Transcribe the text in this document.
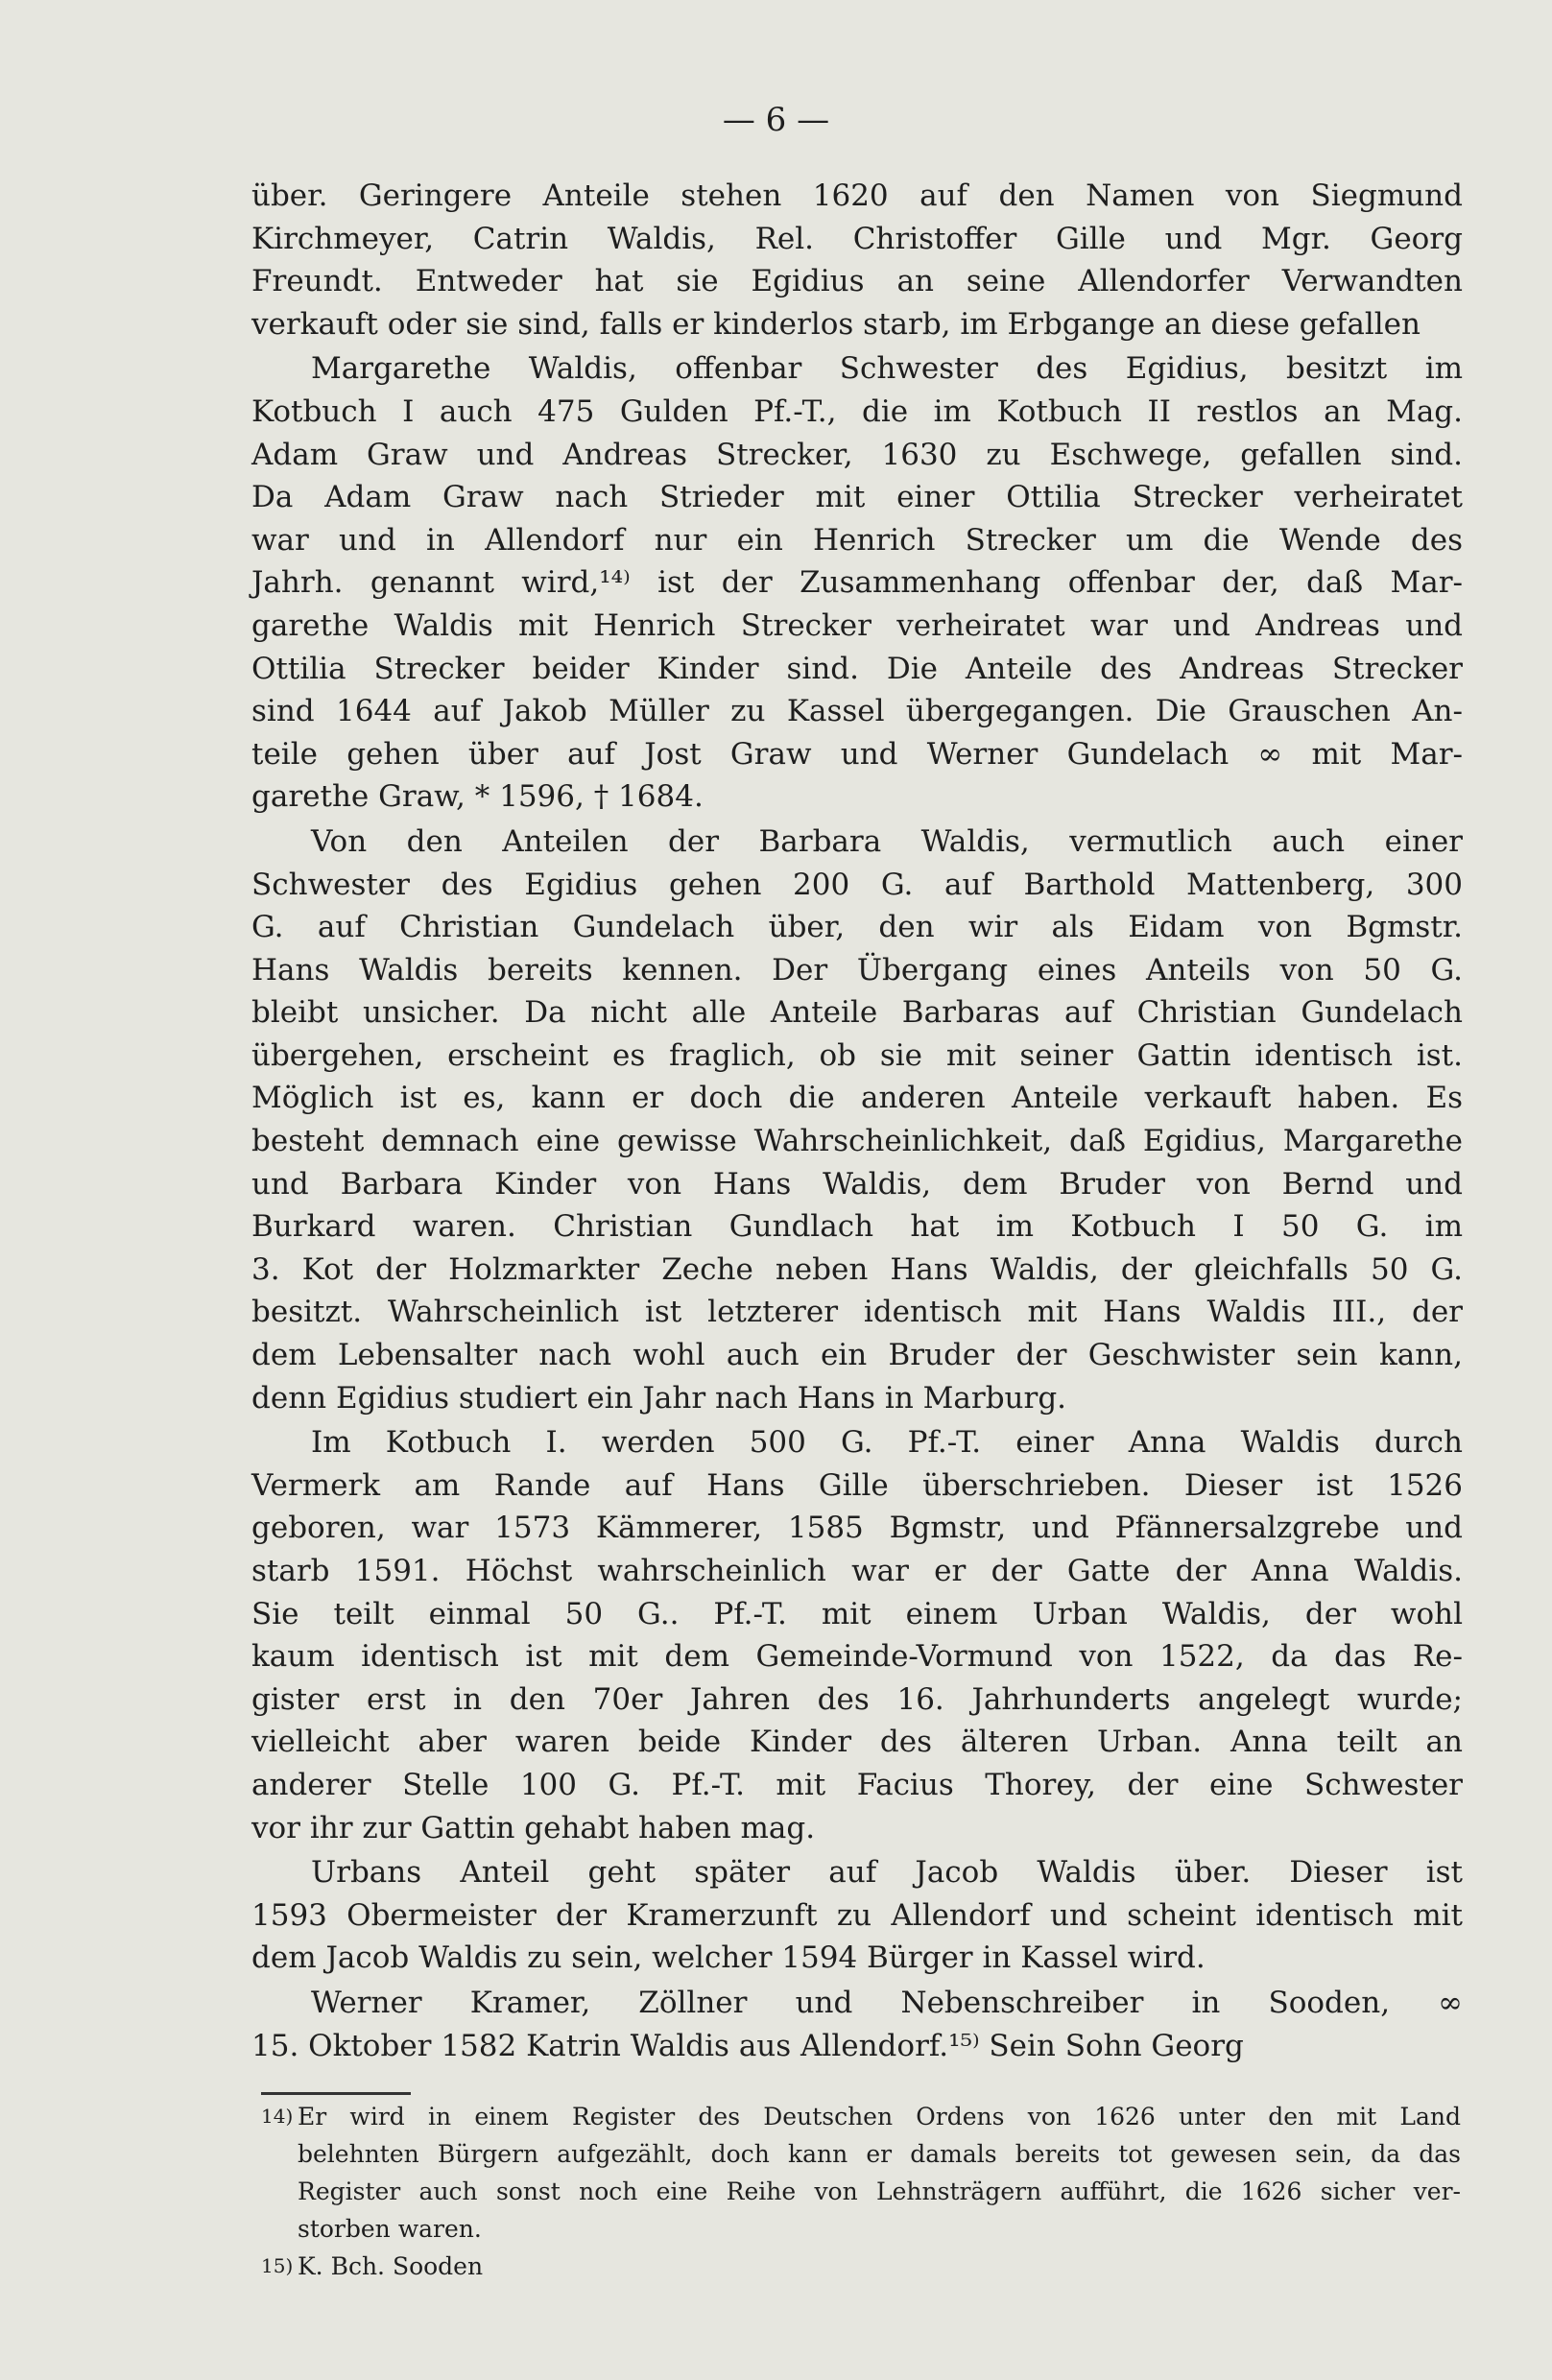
— 6 —
über. Geringere Anteile stehen 1620 auf den Namen von Siegmund
Kirchmeyer, Catrin Waldis, Rel. Christoffer Gille und Mgr. Georg
Freundt. Entweder hat sie Egidius an seine Allendorfer Verwandten
verkauft oder sie sind, falls er kinderlos starb, im Erbgange an diese gefallen
Margarethe Waldis, offenbar Schwester des Egidius, besitzt im
Kotbuch I auch 475 Gulden Pf.-T., die im Kotbuch II restlos an Mag.
Adam Graw und Andreas Strecker, 1630 zu Eschwege, gefallen sind.
Da Adam Graw nach Strieder mit einer Ottilia Strecker verheiratet
war und in Allendorf nur ein Henrich Strecker um die Wende des
Jahrh. genannt wird,¹⁴⁾ ist der Zusammenhang offenbar der, daß Mar-
garethe Waldis mit Henrich Strecker verheiratet war und Andreas und
Ottilia Strecker beider Kinder sind. Die Anteile des Andreas Strecker
sind 1644 auf Jakob Müller zu Kassel übergegangen. Die Grauschen An-
teile gehen über auf Jost Graw und Werner Gundelach ∞ mit Mar-
garethe Graw, * 1596, † 1684.
Von den Anteilen der Barbara Waldis, vermutlich auch einer
Schwester des Egidius gehen 200 G. auf Barthold Mattenberg, 300
G. auf Christian Gundelach über, den wir als Eidam von Bgmstr.
Hans Waldis bereits kennen. Der Übergang eines Anteils von 50 G.
bleibt unsicher. Da nicht alle Anteile Barbaras auf Christian Gundelach
übergehen, erscheint es fraglich, ob sie mit seiner Gattin identisch ist.
Möglich ist es, kann er doch die anderen Anteile verkauft haben. Es
besteht demnach eine gewisse Wahrscheinlichkeit, daß Egidius, Margarethe
und Barbara Kinder von Hans Waldis, dem Bruder von Bernd und
Burkard waren. Christian Gundlach hat im Kotbuch I 50 G. im
3. Kot der Holzmarkter Zeche neben Hans Waldis, der gleichfalls 50 G.
besitzt. Wahrscheinlich ist letzterer identisch mit Hans Waldis III., der
dem Lebensalter nach wohl auch ein Bruder der Geschwister sein kann,
denn Egidius studiert ein Jahr nach Hans in Marburg.
Im Kotbuch I. werden 500 G. Pf.-T. einer Anna Waldis durch
Vermerk am Rande auf Hans Gille überschrieben. Dieser ist 1526
geboren, war 1573 Kämmerer, 1585 Bgmstr, und Pfännersalzgrebe und
starb 1591. Höchst wahrscheinlich war er der Gatte der Anna Waldis.
Sie teilt einmal 50 G.. Pf.-T. mit einem Urban Waldis, der wohl
kaum identisch ist mit dem Gemeinde-Vormund von 1522, da das Re-
gister erst in den 70er Jahren des 16. Jahrhunderts angelegt wurde;
vielleicht aber waren beide Kinder des älteren Urban. Anna teilt an
anderer Stelle 100 G. Pf.-T. mit Facius Thorey, der eine Schwester
vor ihr zur Gattin gehabt haben mag.
Urbans Anteil geht später auf Jacob Waldis über. Dieser ist
1593 Obermeister der Kramerzunft zu Allendorf und scheint identisch mit
dem Jacob Waldis zu sein, welcher 1594 Bürger in Kassel wird.
Werner Kramer, Zöllner und Nebenschreiber in Sooden, ∞
15. Oktober 1582 Katrin Waldis aus Allendorf.¹⁵⁾ Sein Sohn Georg
14) Er wird in einem Register des Deutschen Ordens von 1626 unter den mit Land
belehnten Bürgern aufgezählt, doch kann er damals bereits tot gewesen sein, da das
Register auch sonst noch eine Reihe von Lehnsträgern aufführt, die 1626 sicher ver-
storben waren.
15) K. Bch. Sooden
